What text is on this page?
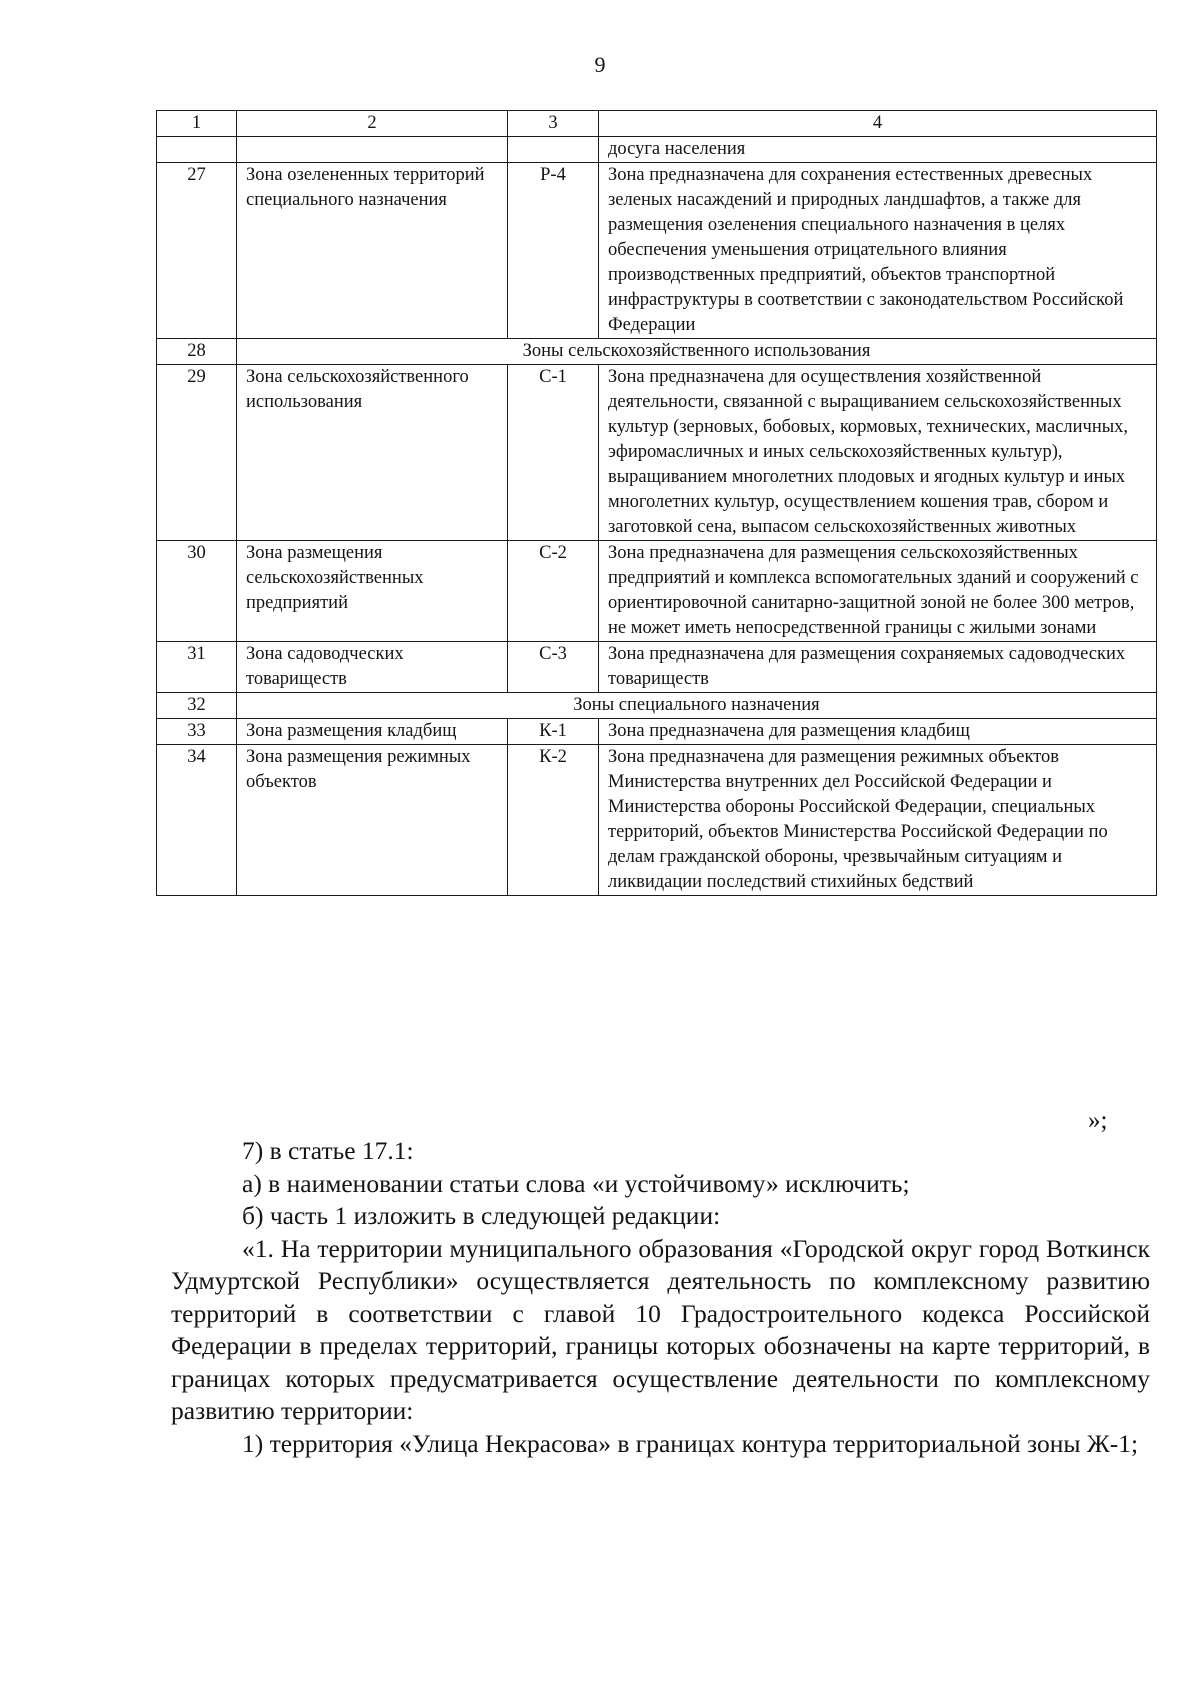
9
1	2	3	4
			досуга населения
27	Зона озелененных территорий специального назначения	Р-4	Зона предназначена для сохранения естественных древесных зеленых насаждений и природных ландшафтов, а также для размещения озеленения специального назначения в целях обеспечения уменьшения отрицательного влияния производственных предприятий, объектов транспортной инфраструктуры в соответствии с законодательством Российской Федерации
28	Зоны сельскохозяйственного использования		
29	Зона сельскохозяйственного использования	С-1	Зона предназначена для осуществления хозяйственной деятельности, связанной с выращиванием сельскохозяйственных культур (зерновых, бобовых, кормовых, технических, масличных, эфиромасличных и иных сельскохозяйственных культур), выращиванием многолетних плодовых и ягодных культур и иных многолетних культур, осуществлением кошения трав, сбором и заготовкой сена, выпасом сельскохозяйственных животных
30	Зона размещения сельскохозяйственных предприятий	С-2	Зона предназначена для размещения сельскохозяйственных предприятий и комплекса вспомогательных зданий и сооружений с ориентировочной санитарно-защитной зоной не более 300 метров, не может иметь непосредственной границы с жилыми зонами
31	Зона садоводческих товариществ	С-3	Зона предназначена для размещения сохраняемых садоводческих товариществ
32	Зоны специального назначения		
33	Зона размещения кладбищ	К-1	Зона предназначена для размещения кладбищ
34	Зона размещения режимных объектов	К-2	Зона предназначена для размещения режимных объектов Министерства внутренних дел Российской Федерации и Министерства обороны Российской Федерации, специальных территорий, объектов Министерства Российской Федерации по делам гражданской обороны, чрезвычайным ситуациям и ликвидации последствий стихийных бедствий
»;

7) в статье 17.1:

а) в наименовании статьи слова «и устойчивому» исключить;

б) часть 1 изложить в следующей редакции:

«1. На территории муниципального образования «Городской округ город Воткинск Удмуртской Республики» осуществляется деятельность по комплексному развитию территорий в соответствии с главой 10 Градостроительного кодекса Российской Федерации в пределах территорий, границы которых обозначены на карте территорий, в границах которых предусматривается осуществление деятельности по комплексному развитию территории:

1) территория «Улица Некрасова» в границах контура территориальной зоны Ж-1;
